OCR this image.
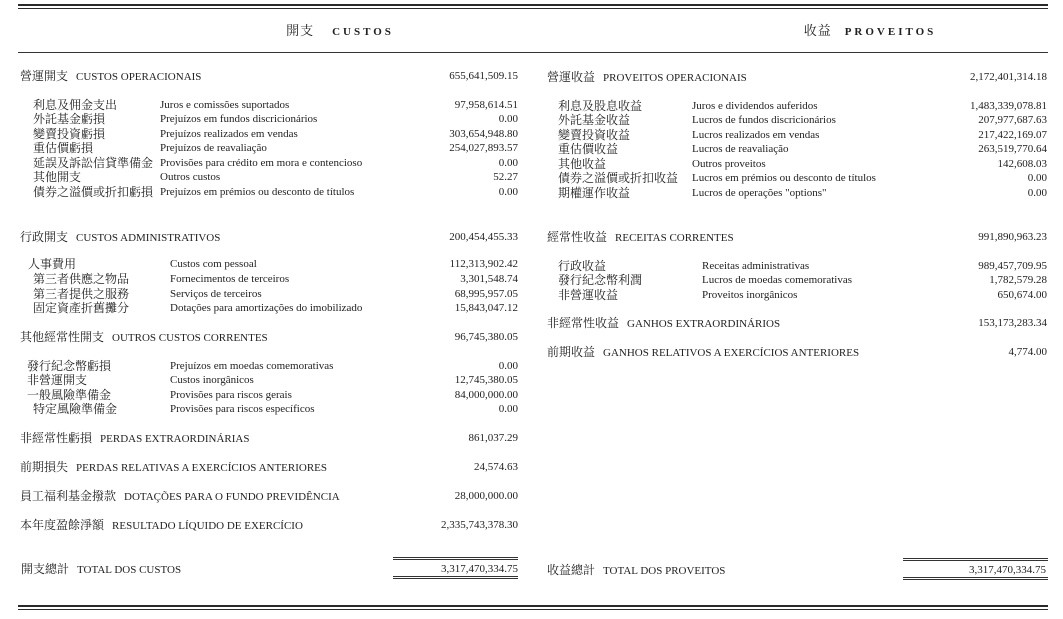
開支 CUSTOS	收益 PROVEITOS
營運開支 CUSTOS OPERACIONAIS	655,641,509.15
利息及佣金支出	Juros e comissões suportados	97,958,614.51
外託基金虧損	Prejuízos em fundos discricionários	0.00
變賣投資虧損	Prejuízos realizados em vendas	303,654,948.80
重估價虧損	Prejuízos de reavaliação	254,027,893.57
延誤及訴訟信貸準備金 Provisões para crédito em mora e contencioso	0.00
其他開支	Outros custos	52.27
債券之溢價或折扣虧損 Prejuízos em prémios ou desconto de títulos	0.00
行政開支 CUSTOS ADMINISTRATIVOS	200,454,455.33
人事費用	Custos com pessoal	112,313,902.42
第三者供應之物品	Fornecimentos de terceiros	3,301,548.74
第三者提供之服務	Serviços de terceiros	68,995,957.05
固定資產折舊攤分	Dotações para amortizações do imobilizado	15,843,047.12
其他經常性開支 OUTROS CUSTOS CORRENTES	96,745,380.05
發行紀念幣虧損	Prejuízos em moedas comemorativas	0.00
非營運開支	Custos inorgânicos	12,745,380.05
一般風險準備金	Provisões para riscos gerais	84,000,000.00
特定風險準備金	Provisões para riscos específicos	0.00
非經常性虧損 PERDAS EXTRAORDINÁRIAS	861,037.29
前期損失 PERDAS RELATIVAS A EXERCÍCIOS ANTERIORES	24,574.63
員工福利基金撥款 DOTAÇÕES PARA O FUNDO PREVIDÊNCIA	28,000,000.00
本年度盈餘淨額 RESULTADO LÍQUIDO DE EXERCÍCIO	2,335,743,378.30
開支總計 TOTAL DOS CUSTOS	3,317,470,334.75
營運收益 PROVEITOS OPERACIONAIS	2,172,401,314.18
利息及股息收益	Juros e dividendos auferidos	1,483,339,078.81
外託基金收益	Lucros de fundos discricionários	207,977,687.63
變賣投資收益	Lucros realizados em vendas	217,422,169.07
重估價收益	Lucros de reavaliação	263,519,770.64
其他收益	Outros proveitos	142,608.03
債券之溢價或折扣收益 Lucros em prémios ou desconto de títulos	0.00
期權運作收益	Lucros de operações "options"	0.00
經常性收益 RECEITAS CORRENTES	991,890,963.23
行政收益	Receitas administrativas	989,457,709.95
發行紀念幣利潤	Lucros de moedas comemorativas	1,782,579.28
非營運收益	Proveitos inorgânicos	650,674.00
非經常性收益 GANHOS EXTRAORDINÁRIOS	153,173,283.34
前期收益 GANHOS RELATIVOS A EXERCÍCIOS ANTERIORES	4,774.00
收益總計 TOTAL DOS PROVEITOS	3,317,470,334.75
